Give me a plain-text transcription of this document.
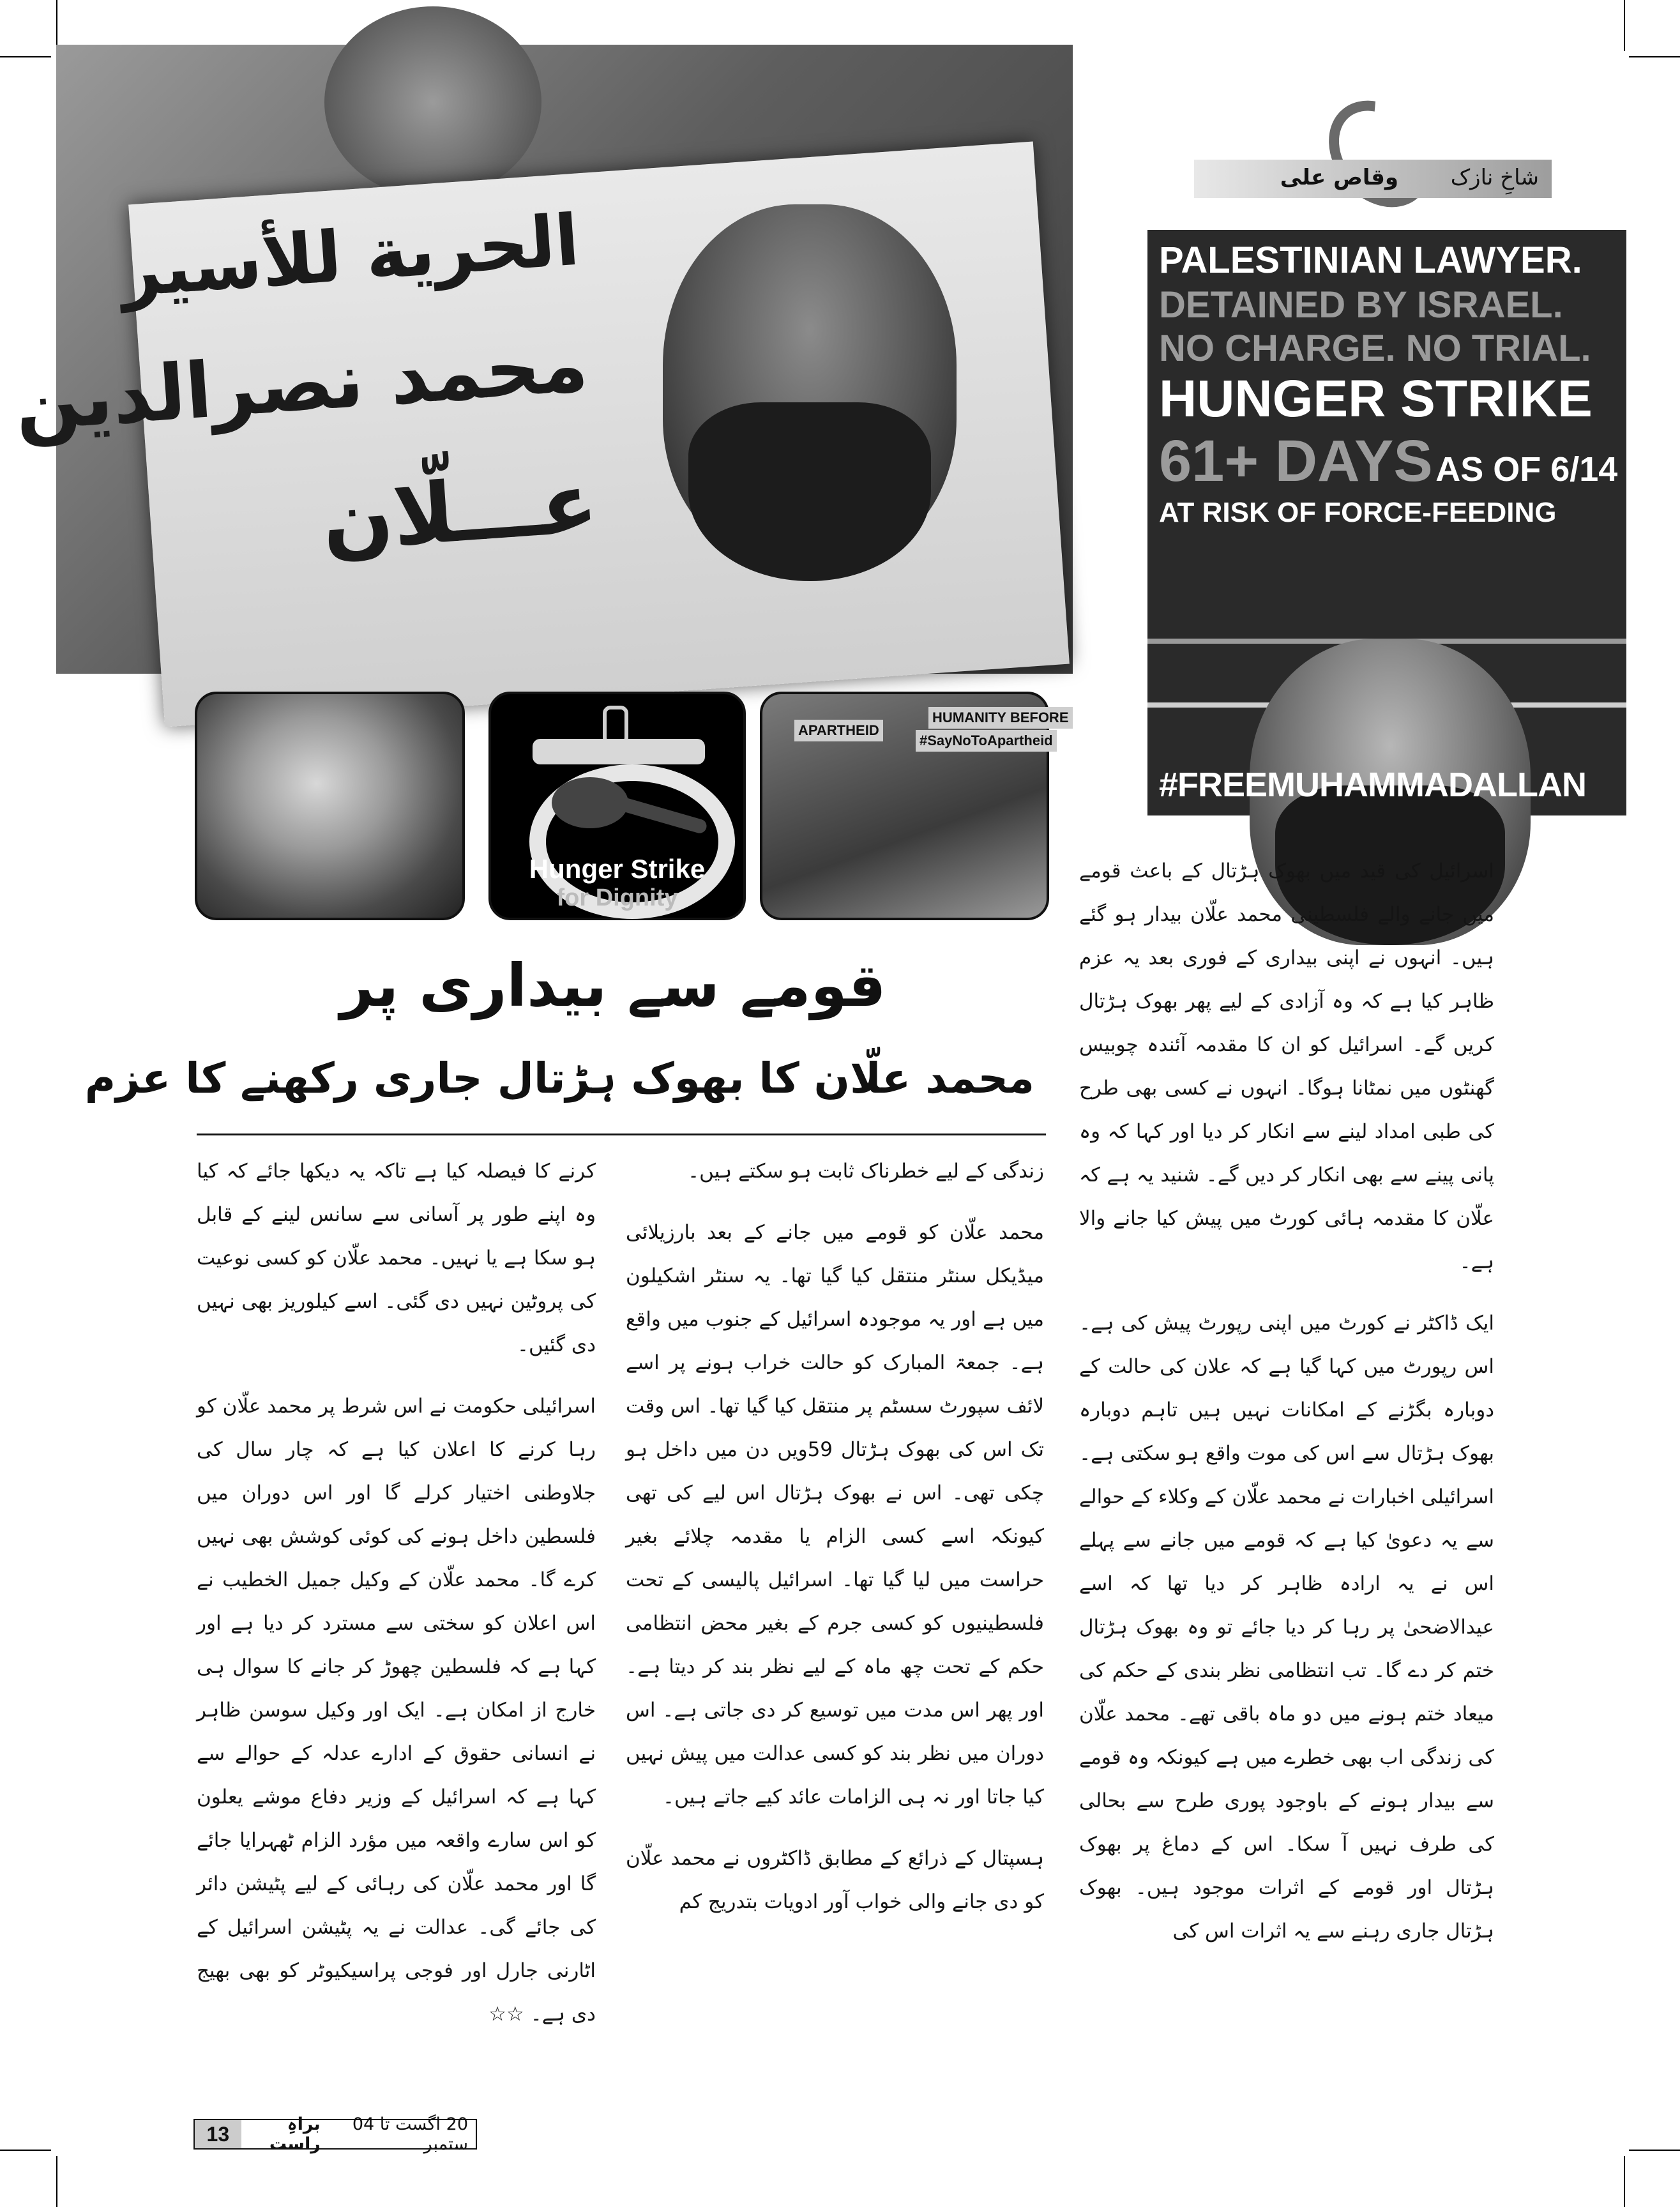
الحرية للأسير
محمد نصرالدين
عـــلّان
شاخِ نازک
وقاص علی
PALESTINIAN LAWYER.
DETAINED BY ISRAEL.
NO CHARGE. NO TRIAL.
HUNGER STRIKE
61+ DAYS AS OF 6/14
AT RISK OF FORCE-FEEDING
#FREEMUHAMMADALLAN
Hunger Strike
for Dignity
APARTHEID
HUMANITY BEFORE
#SayNoToApartheid
قومے سے بیداری پر
محمد علّان کا بھوک ہڑتال جاری رکھنے کا عزم

اسرائیل کی قید میں بھوک ہڑتال کے باعث قومے میں جانے والے فلسطینی محمد علّان بیدار ہو گئے ہیں۔ انہوں نے اپنی بیداری کے فوری بعد یہ عزم ظاہر کیا ہے کہ وہ آزادی کے لیے پھر بھوک ہڑتال کریں گے۔ اسرائیل کو ان کا مقدمہ آئندہ چوبیس گھنٹوں میں نمٹانا ہوگا۔ انہوں نے کسی بھی طرح کی طبی امداد لینے سے انکار کر دیا اور کہا کہ وہ پانی پینے سے بھی انکار کر دیں گے۔ شنید یہ ہے کہ علّان کا مقدمہ ہائی کورٹ میں پیش کیا جانے والا ہے۔

ایک ڈاکٹر نے کورٹ میں اپنی رپورٹ پیش کی ہے۔ اس رپورٹ میں کہا گیا ہے کہ علان کی حالت کے دوبارہ بگڑنے کے امکانات نہیں ہیں تاہم دوبارہ بھوک ہڑتال سے اس کی موت واقع ہو سکتی ہے۔ اسرائیلی اخبارات نے محمد علّان کے وکلاء کے حوالے سے یہ دعویٰ کیا ہے کہ قومے میں جانے سے پہلے اس نے یہ ارادہ ظاہر کر دیا تھا کہ اسے عیدالاضحیٰ پر رہا کر دیا جائے تو وہ بھوک ہڑتال ختم کر دے گا۔ تب انتظامی نظر بندی کے حکم کی میعاد ختم ہونے میں دو ماہ باقی تھے۔ محمد علّان کی زندگی اب بھی خطرے میں ہے کیونکہ وہ قومے سے بیدار ہونے کے باوجود پوری طرح سے بحالی کی طرف نہیں آ سکا۔ اس کے دماغ پر بھوک ہڑتال اور قومے کے اثرات موجود ہیں۔ بھوک ہڑتال جاری رہنے سے یہ اثرات اس کی

زندگی کے لیے خطرناک ثابت ہو سکتے ہیں۔

محمد علّان کو قومے میں جانے کے بعد بارزیلائی میڈیکل سنٹر منتقل کیا گیا تھا۔ یہ سنٹر اشکیلون میں ہے اور یہ موجودہ اسرائیل کے جنوب میں واقع ہے۔ جمعۃ المبارک کو حالت خراب ہونے پر اسے لائف سپورٹ سسٹم پر منتقل کیا گیا تھا۔ اس وقت تک اس کی بھوک ہڑتال 59ویں دن میں داخل ہو چکی تھی۔ اس نے بھوک ہڑتال اس لیے کی تھی کیونکہ اسے کسی الزام یا مقدمہ چلائے بغیر حراست میں لیا گیا تھا۔ اسرائیل پالیسی کے تحت فلسطینیوں کو کسی جرم کے بغیر محض انتظامی حکم کے تحت چھ ماہ کے لیے نظر بند کر دیتا ہے۔ اور پھر اس مدت میں توسیع کر دی جاتی ہے۔ اس دوران میں نظر بند کو کسی عدالت میں پیش نہیں کیا جاتا اور نہ ہی الزامات عائد کیے جاتے ہیں۔

ہسپتال کے ذرائع کے مطابق ڈاکٹروں نے محمد علّان کو دی جانے والی خواب آور ادویات بتدریج کم

کرنے کا فیصلہ کیا ہے تاکہ یہ دیکھا جائے کہ کیا وہ اپنے طور پر آسانی سے سانس لینے کے قابل ہو سکا ہے یا نہیں۔ محمد علّان کو کسی نوعیت کی پروٹین نہیں دی گئی۔ اسے کیلوریز بھی نہیں دی گئیں۔

اسرائیلی حکومت نے اس شرط پر محمد علّان کو رہا کرنے کا اعلان کیا ہے کہ چار سال کی جلاوطنی اختیار کرلے گا اور اس دوران میں فلسطین داخل ہونے کی کوئی کوشش بھی نہیں کرے گا۔ محمد علّان کے وکیل جمیل الخطیب نے اس اعلان کو سختی سے مسترد کر دیا ہے اور کہا ہے کہ فلسطین چھوڑ کر جانے کا سوال ہی خارج از امکان ہے۔ ایک اور وکیل سوسن ظاہر نے انسانی حقوق کے ادارے عدلہ کے حوالے سے کہا ہے کہ اسرائیل کے وزیر دفاع موشے یعلون کو اس سارے واقعہ میں مؤرد الزام ٹھہرایا جائے گا اور محمد علّان کی رہائی کے لیے پٹیشن دائر کی جائے گی۔ عدالت نے یہ پٹیشن اسرائیل کے اٹارنی جارل اور فوجی پراسیکیوٹر کو بھی بھیج دی ہے۔ ☆☆

20 اگست تا 04 ستمبر
براہِ راست
13
